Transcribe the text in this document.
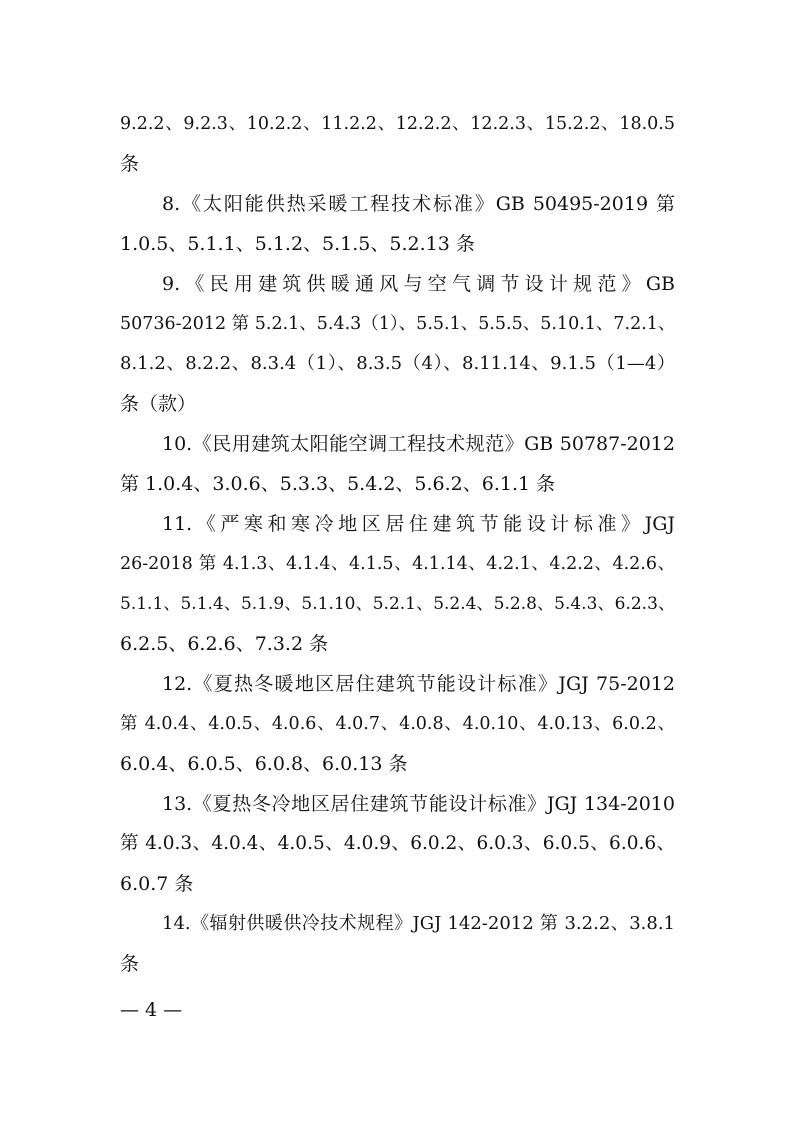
9.2.2、9.2.3、10.2.2、11.2.2、12.2.2、12.2.3、15.2.2、18.0.5
条
8.《太阳能供热采暖工程技术标准》GB 50495-2019 第
1.0.5、5.1.1、5.1.2、5.1.5、5.2.13 条
9.《民用建筑供暖通风与空气调节设计规范》GB
50736-2012 第 5.2.1、5.4.3（1）、5.5.1、5.5.5、5.10.1、7.2.1、
8.1.2、8.2.2、8.3.4（1）、8.3.5（4）、8.11.14、9.1.5（1—4）
条（款）
10.《民用建筑太阳能空调工程技术规范》GB 50787-2012
第 1.0.4、3.0.6、5.3.3、5.4.2、5.6.2、6.1.1 条
11.《严寒和寒冷地区居住建筑节能设计标准》JGJ
26-2018 第 4.1.3、4.1.4、4.1.5、4.1.14、4.2.1、4.2.2、4.2.6、
5.1.1、5.1.4、5.1.9、5.1.10、5.2.1、5.2.4、5.2.8、5.4.3、6.2.3、
6.2.5、6.2.6、7.3.2 条
12.《夏热冬暖地区居住建筑节能设计标准》JGJ 75-2012
第 4.0.4、4.0.5、4.0.6、4.0.7、4.0.8、4.0.10、4.0.13、6.0.2、
6.0.4、6.0.5、6.0.8、6.0.13 条
13.《夏热冬冷地区居住建筑节能设计标准》JGJ 134-2010
第 4.0.3、4.0.4、4.0.5、4.0.9、6.0.2、6.0.3、6.0.5、6.0.6、
6.0.7 条
14.《辐射供暖供冷技术规程》JGJ 142-2012 第 3.2.2、3.8.1
条
— 4 —
